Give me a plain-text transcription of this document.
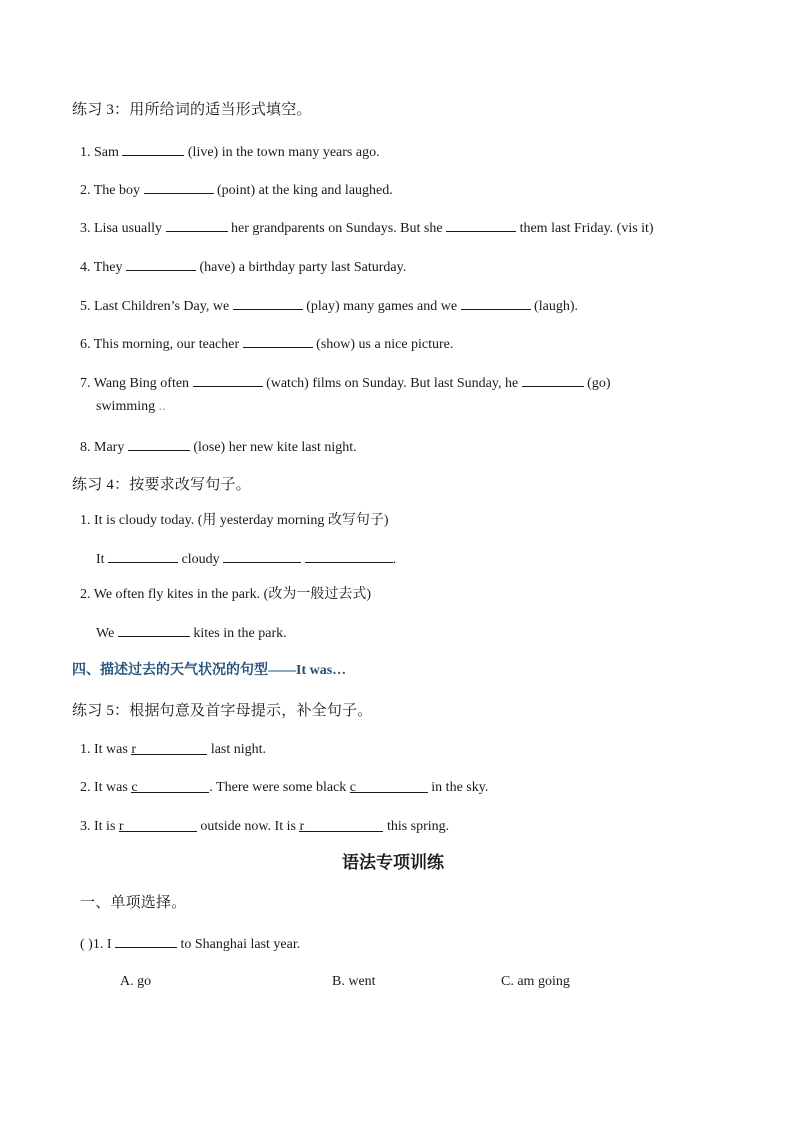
练习 3：用所给词的适当形式填空。
1. Sam	(live) in the town many years ago.
2. The boy	(point) at the king and laughed.
3. Lisa usually	her grandparents on Sundays. But she	them last Friday. (vis it)
4. They	(have) a birthday party last Saturday.
5. Last Children’s Day, we	(play) many games and we	(laugh).
6. This morning, our teacher	(show) us a nice picture.
7. Wang Bing often	(watch) films on Sunday. But last Sunday, he	(go)
swimming ..
8. Mary	(lose) her new kite last night.
练习 4：按要求改写句子。
1. It is cloudy today. (用 yesterday morning 改写句子)
It	cloudy	.
2. We often fly kites in the park. (改为一般过去式)
We	kites in the park.
四、描述过去的天气状况的句型——It was…
练习 5：根据句意及首字母提示，补全句子。
1. It was r	last night.
2. It was c	. There were some black c	in the sky.
3. It is r	outside now. It is r	this spring.
语法专项训练
一、单项选择。
( )1. I	to Shanghai last year.
A. go	B. went	C. am going
